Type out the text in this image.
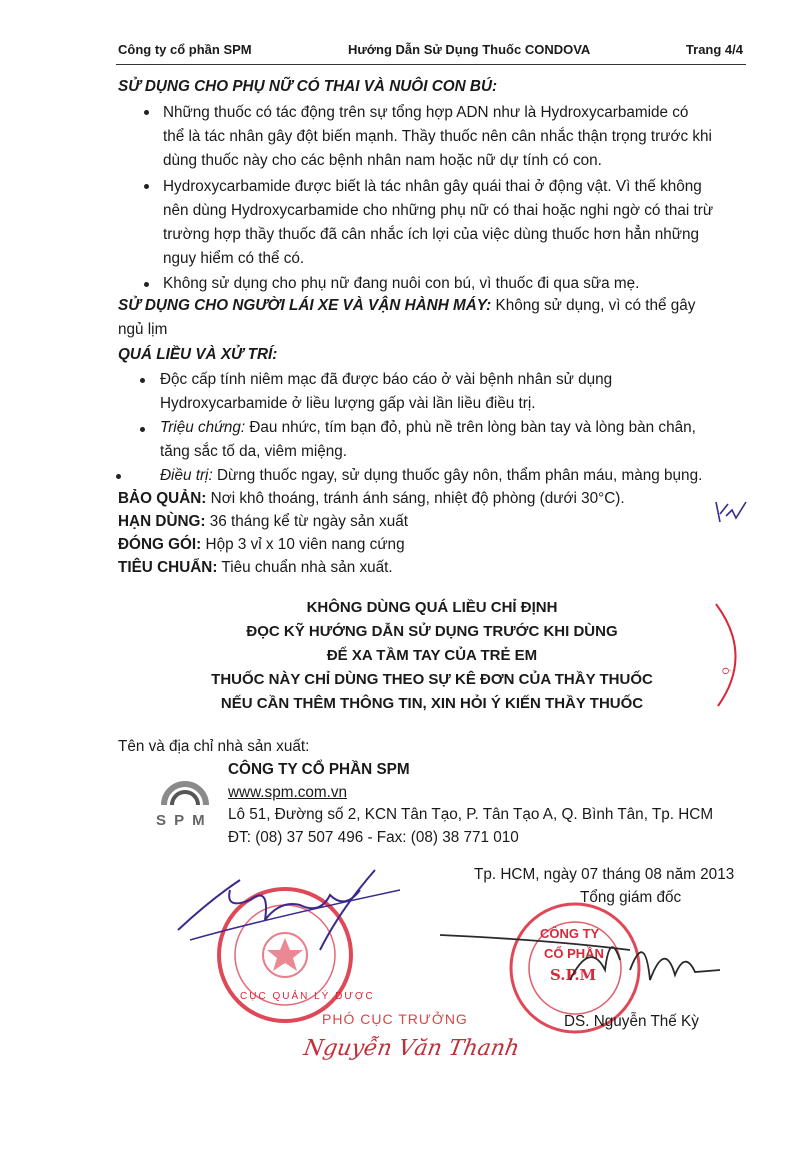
Công ty cổ phần SPM	Hướng Dẫn Sử Dụng Thuốc CONDOVA	Trang 4/4
SỬ DỤNG CHO PHỤ NỮ CÓ THAI VÀ NUÔI CON BÚ:
Những thuốc có tác động trên sự tổng hợp ADN như là Hydroxycarbamide có
thể là tác nhân gây đột biến mạnh. Thầy thuốc nên cân nhắc thận trọng trước khi
dùng thuốc này cho các bệnh nhân nam hoặc nữ dự tính có con.
Hydroxycarbamide được biết là tác nhân gây quái thai ở động vật. Vì thế không
nên dùng Hydroxycarbamide cho những phụ nữ có thai hoặc nghi ngờ có thai trừ
trường hợp thầy thuốc đã cân nhắc ích lợi của việc dùng thuốc hơn hẳn những
nguy hiểm có thể có.
Không sử dụng cho phụ nữ đang nuôi con bú, vì thuốc đi qua sữa mẹ.
SỬ DỤNG CHO NGƯỜI LÁI XE VÀ VẬN HÀNH MÁY: Không sử dụng, vì có thể gây
ngủ lịm
QUÁ LIỀU VÀ XỬ TRÍ:
Độc cấp tính niêm mạc đã được báo cáo ở vài bệnh nhân sử dụng
Hydroxycarbamide ở liều lượng gấp vài lần liều điều trị.
Triệu chứng: Đau nhức, tím bạn đỏ, phù nề trên lòng bàn tay và lòng bàn chân,
tăng sắc tố da, viêm miệng.
Điều trị: Dừng thuốc ngay, sử dụng thuốc gây nôn, thẩm phân máu, màng bụng.
BẢO QUẢN: Nơi khô thoáng, tránh ánh sáng, nhiệt độ phòng (dưới 30°C).
HẠN DÙNG: 36 tháng kể từ ngày sản xuất
ĐÓNG GÓI: Hộp 3 vỉ x 10 viên nang cứng
TIÊU CHUẨN: Tiêu chuẩn nhà sản xuất.
KHÔNG DÙNG QUÁ LIỀU CHỈ ĐỊNH
ĐỌC KỸ HƯỚNG DẪN SỬ DỤNG TRƯỚC KHI DÙNG
ĐỂ XA TẦM TAY CỦA TRẺ EM
THUỐC NÀY CHỈ DÙNG THEO SỰ KÊ ĐƠN CỦA THẦY THUỐC
NẾU CẦN THÊM THÔNG TIN, XIN HỎI Ý KIẾN THẦY THUỐC
Ó
Tên và địa chỉ nhà sản xuất:
CÔNG TY CỔ PHẦN SPM
S P M
www.spm.com.vn
Lô 51, Đường số 2, KCN Tân Tạo, P. Tân Tạo A, Q. Bình Tân, Tp. HCM
ĐT: (08) 37 507 496 - Fax: (08) 38 771 010
Tp. HCM, ngày 07 tháng 08 năm 2013
Tổng giám đốc
CỤC QUẢN LÝ DƯỢC
PHÓ CỤC TRƯỞNG
Nguyễn Văn Thanh
CÔNG TY
CỔ PHẦN
S.P.M
DS. Nguyễn Thế Kỳ
